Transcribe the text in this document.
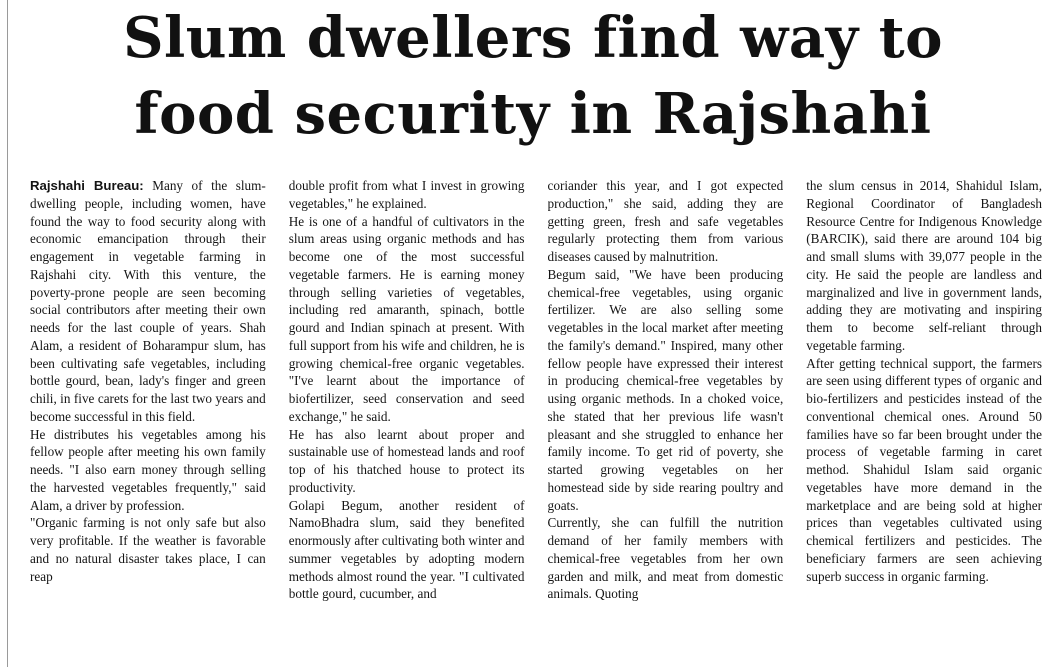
Slum dwellers find way to
food security in Rajshahi

Rajshahi Bureau: Many of the slum-dwelling people, including women, have found the way to food security along with economic emancipation through their engagement in vegetable farming in Rajshahi city. With this venture, the poverty-prone people are seen becoming social contributors after meeting their own needs for the last couple of years. Shah Alam, a resident of Boharampur slum, has been cultivating safe vegetables, including bottle gourd, bean, lady's finger and green chili, in five carets for the last two years and become successful in this field.

He distributes his vegetables among his fellow people after meeting his own family needs. "I also earn money through selling the harvested vegetables frequently," said Alam, a driver by profession.

"Organic farming is not only safe but also very profitable. If the weather is favorable and no natural disaster takes place, I can reap

double profit from what I invest in growing vegetables," he explained.

He is one of a handful of cultivators in the slum areas using organic methods and has become one of the most successful vegetable farmers. He is earning money through selling varieties of vegetables, including red amaranth, spinach, bottle gourd and Indian spinach at present. With full support from his wife and children, he is growing chemical-free organic vegetables. "I've learnt about the importance of biofertilizer, seed conservation and seed exchange," he said.

He has also learnt about proper and sustainable use of homestead lands and roof top of his thatched house to protect its productivity.

Golapi Begum, another resident of NamoBhadra slum, said they benefited enormously after cultivating both winter and summer vegetables by adopting modern methods almost round the year. "I cultivated bottle gourd, cucumber, and

coriander this year, and I got expected production," she said, adding they are getting green, fresh and safe vegetables regularly protecting them from various diseases caused by malnutrition.

Begum said, "We have been producing chemical-free vegetables, using organic fertilizer. We are also selling some vegetables in the local market after meeting the family's demand." Inspired, many other fellow people have expressed their interest in producing chemical-free vegetables by using organic methods. In a choked voice, she stated that her previous life wasn't pleasant and she struggled to enhance her family income. To get rid of poverty, she started growing vegetables on her homestead side by side rearing poultry and goats.

Currently, she can fulfill the nutrition demand of her family members with chemical-free vegetables from her own garden and milk, and meat from domestic animals. Quoting

the slum census in 2014, Shahidul Islam, Regional Coordinator of Bangladesh Resource Centre for Indigenous Knowledge (BARCIK), said there are around 104 big and small slums with 39,077 people in the city. He said the people are landless and marginalized and live in government lands, adding they are motivating and inspiring them to become self-reliant through vegetable farming.

After getting technical support, the farmers are seen using different types of organic and bio-fertilizers and pesticides instead of the conventional chemical ones. Around 50 families have so far been brought under the process of vegetable farming in caret method. Shahidul Islam said organic vegetables have more demand in the marketplace and are being sold at higher prices than vegetables cultivated using chemical fertilizers and pesticides. The beneficiary farmers are seen achieving superb success in organic farming.
